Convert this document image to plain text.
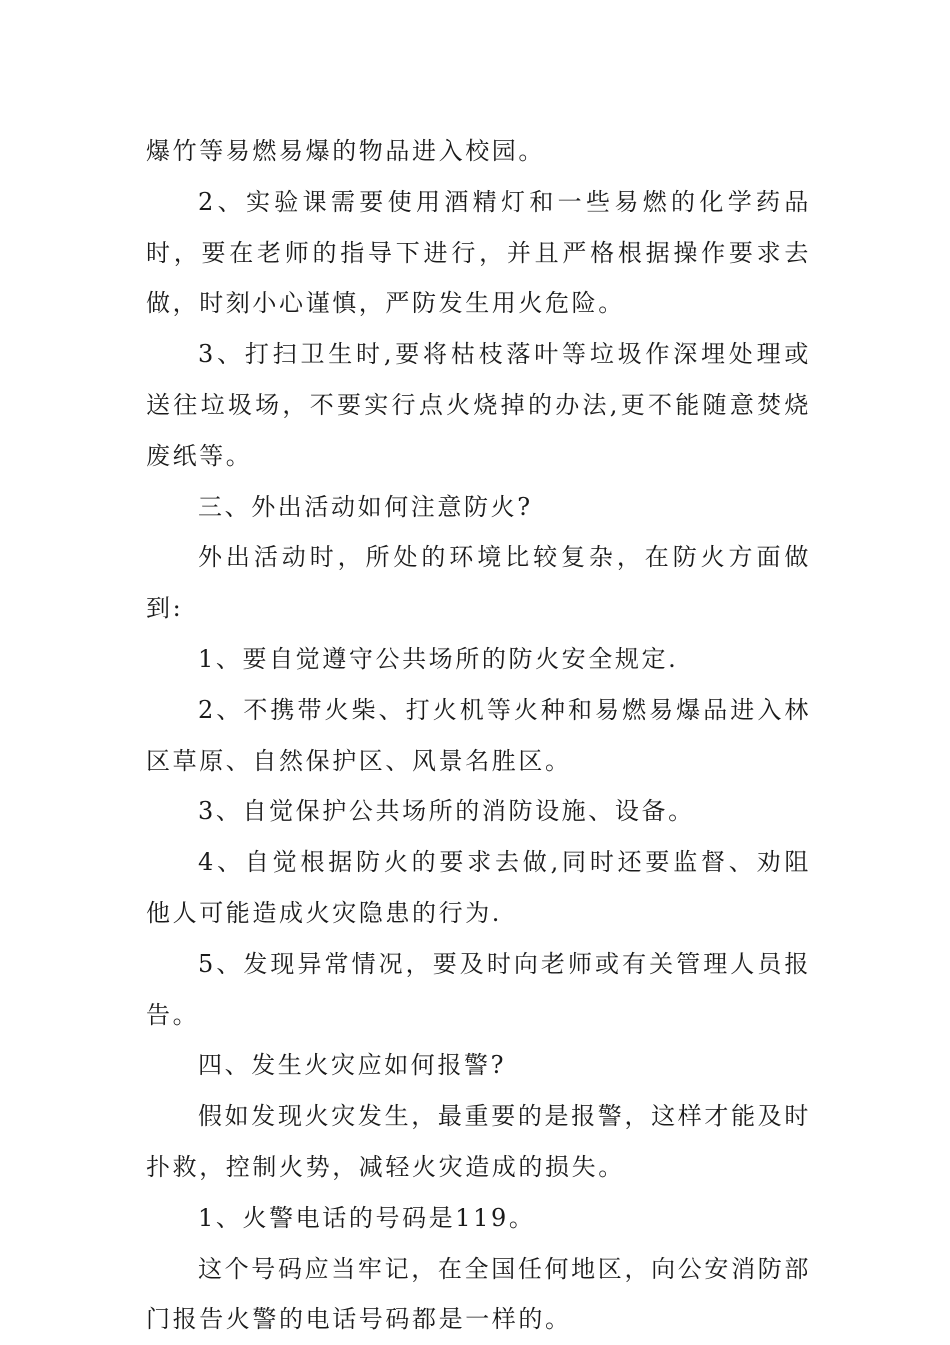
爆竹等易燃易爆的物品进入校园。

2、实验课需要使用酒精灯和一些易燃的化学药品时，要在老师的指导下进行，并且严格根据操作要求去做，时刻小心谨慎，严防发生用火危险。

3、打扫卫生时,要将枯枝落叶等垃圾作深埋处理或送往垃圾场，不要实行点火烧掉的办法,更不能随意焚烧废纸等。

三、外出活动如何注意防火?

外出活动时，所处的环境比较复杂，在防火方面做到:

1、要自觉遵守公共场所的防火安全规定.

2、不携带火柴、打火机等火种和易燃易爆品进入林区草原、自然保护区、风景名胜区。

3、自觉保护公共场所的消防设施、设备。

4、自觉根据防火的要求去做,同时还要监督、劝阻他人可能造成火灾隐患的行为.

5、发现异常情况，要及时向老师或有关管理人员报告。

四、发生火灾应如何报警?

假如发现火灾发生，最重要的是报警，这样才能及时扑救，控制火势，减轻火灾造成的损失。

1、火警电话的号码是119。

这个号码应当牢记，在全国任何地区，向公安消防部门报告火警的电话号码都是一样的。
